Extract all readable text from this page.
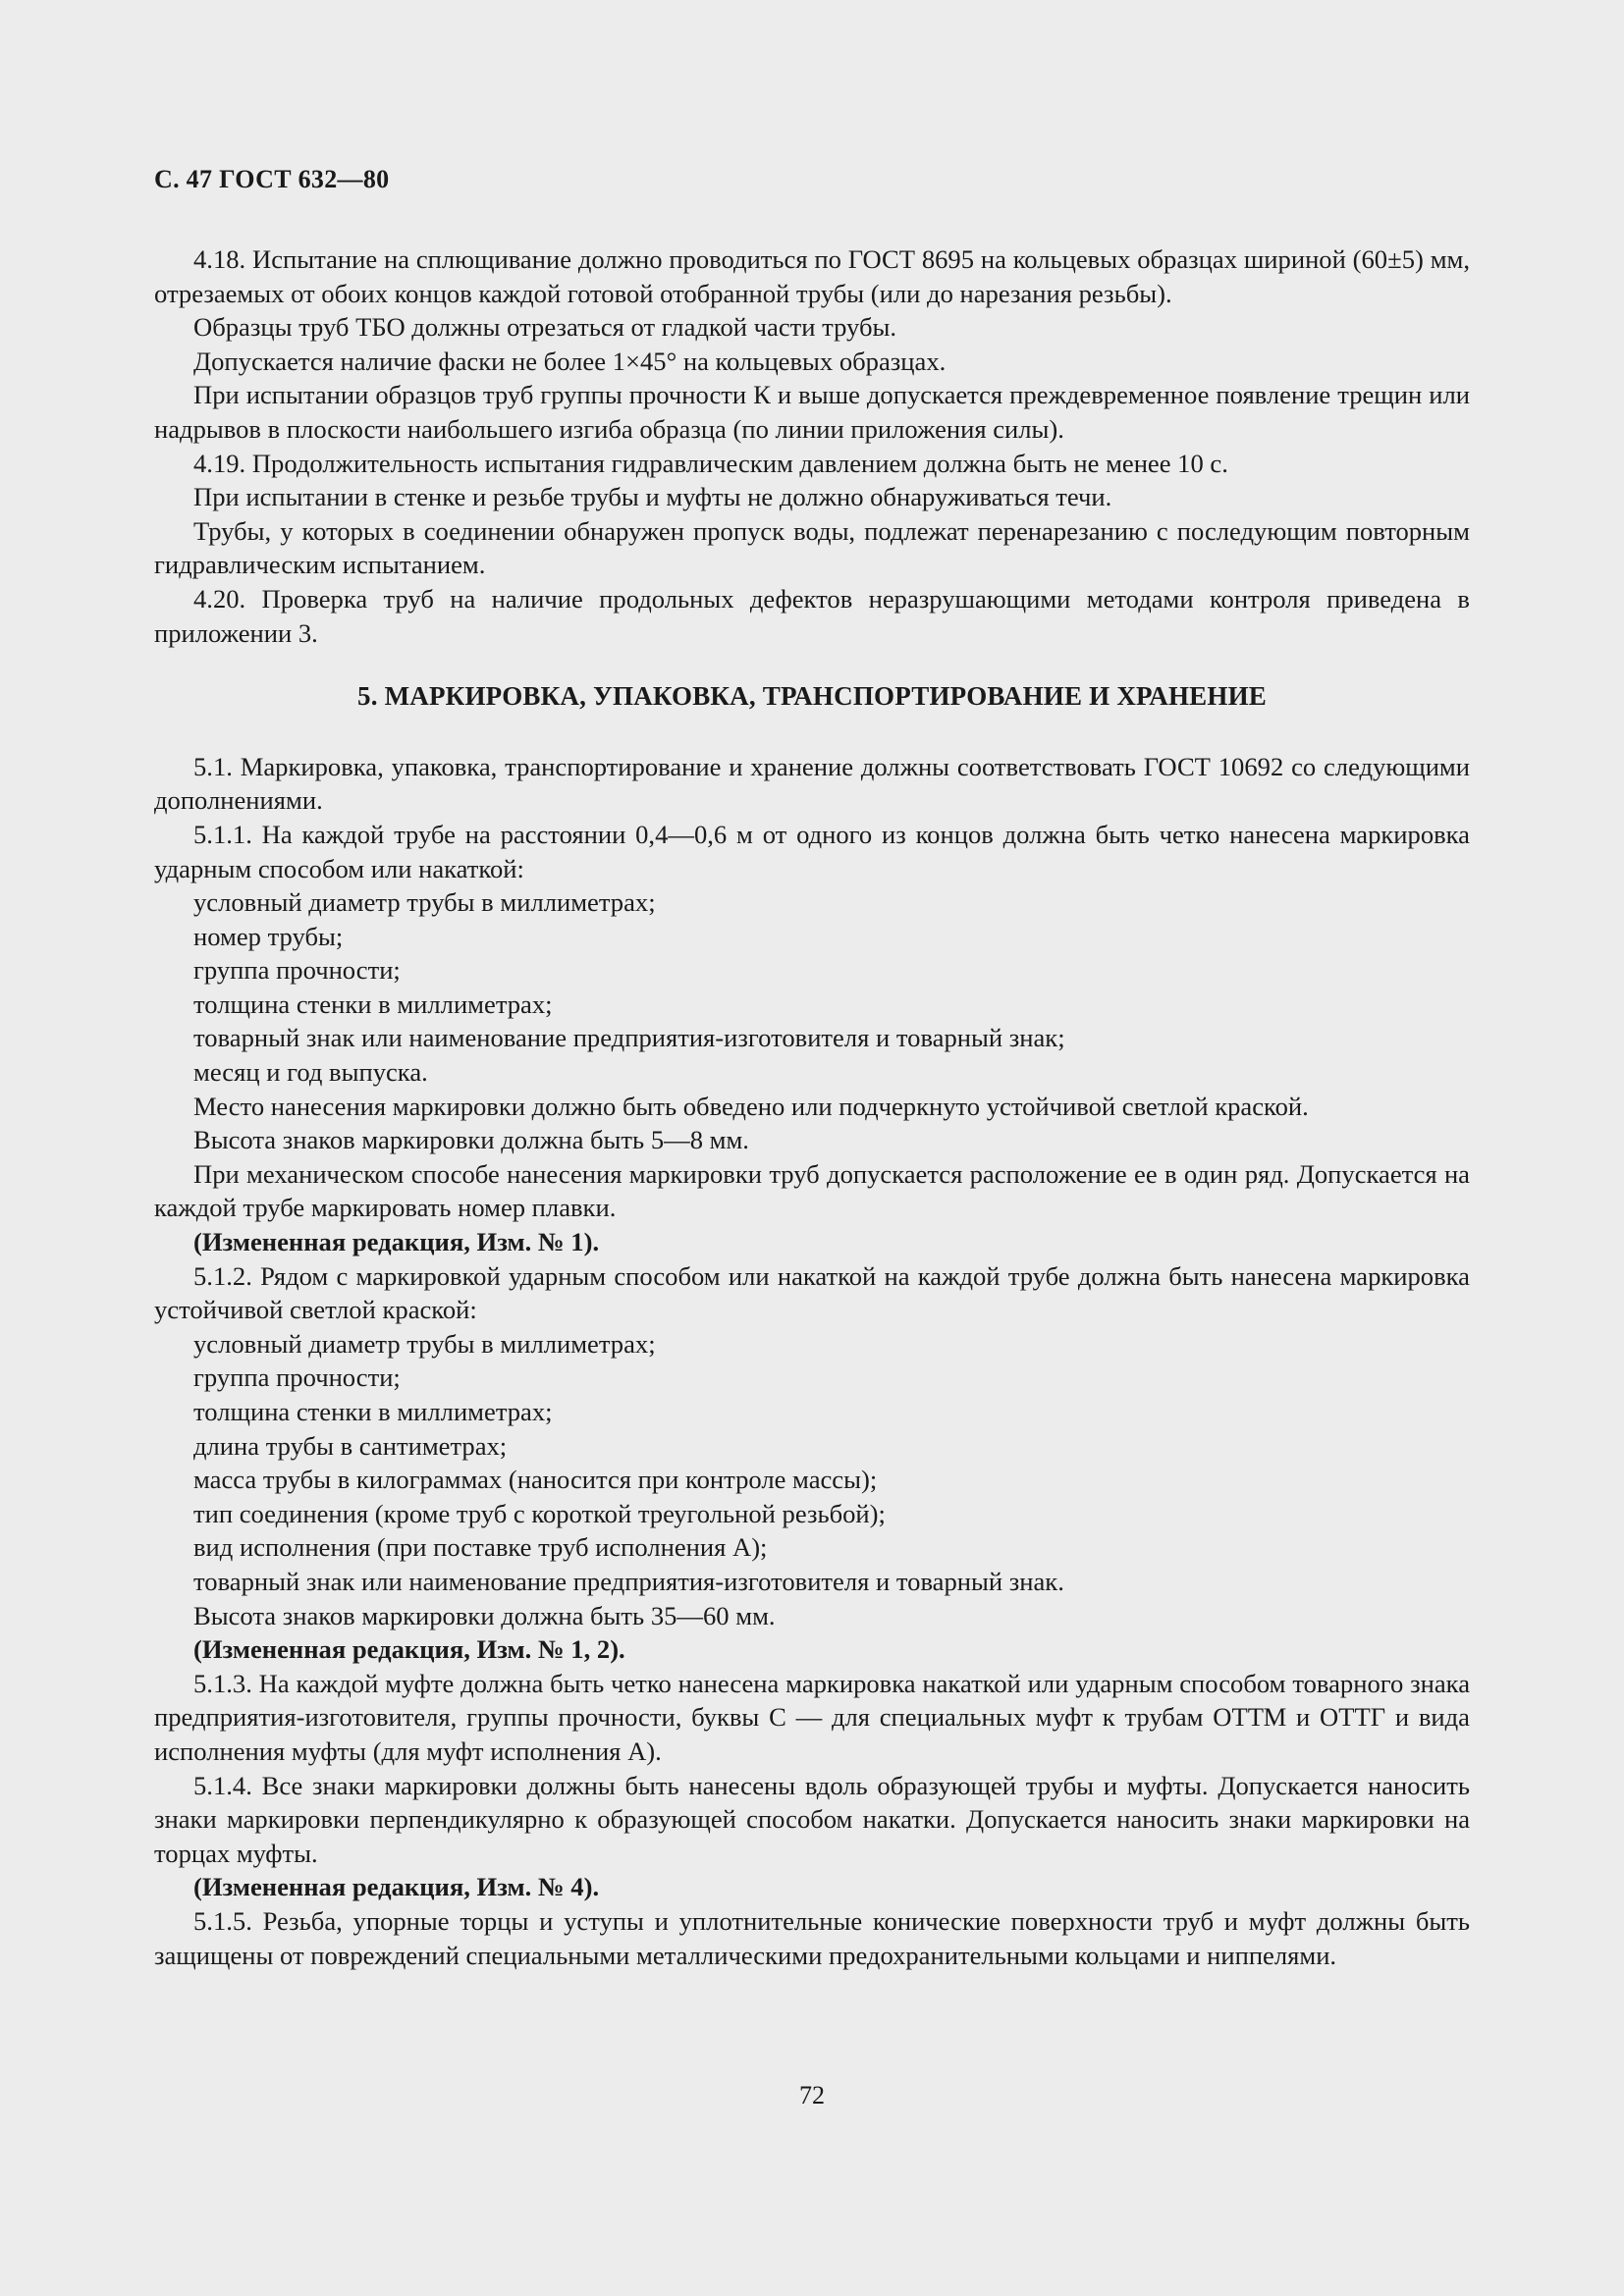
С. 47 ГОСТ 632—80

4.18. Испытание на сплющивание должно проводиться по ГОСТ 8695 на кольцевых образцах шириной (60±5) мм, отрезаемых от обоих концов каждой готовой отобранной трубы (или до нарезания резьбы).

Образцы труб ТБО должны отрезаться от гладкой части трубы.

Допускается наличие фаски не более 1×45° на кольцевых образцах.

При испытании образцов труб группы прочности К и выше допускается преждевременное появление трещин или надрывов в плоскости наибольшего изгиба образца (по линии приложения силы).

4.19. Продолжительность испытания гидравлическим давлением должна быть не менее 10 с.

При испытании в стенке и резьбе трубы и муфты не должно обнаруживаться течи.

Трубы, у которых в соединении обнаружен пропуск воды, подлежат перенарезанию с последующим повторным гидравлическим испытанием.

4.20. Проверка труб на наличие продольных дефектов неразрушающими методами контроля приведена в приложении 3.

5. МАРКИРОВКА, УПАКОВКА, ТРАНСПОРТИРОВАНИЕ И ХРАНЕНИЕ

5.1. Маркировка, упаковка, транспортирование и хранение должны соответствовать ГОСТ 10692 со следующими дополнениями.

5.1.1. На каждой трубе на расстоянии 0,4—0,6 м от одного из концов должна быть четко нанесена маркировка ударным способом или накаткой:

условный диаметр трубы в миллиметрах;

номер трубы;

группа прочности;

толщина стенки в миллиметрах;

товарный знак или наименование предприятия-изготовителя и товарный знак;

месяц и год выпуска.

Место нанесения маркировки должно быть обведено или подчеркнуто устойчивой светлой краской.

Высота знаков маркировки должна быть 5—8 мм.

При механическом способе нанесения маркировки труб допускается расположение ее в один ряд. Допускается на каждой трубе маркировать номер плавки.

(Измененная редакция, Изм. № 1).

5.1.2. Рядом с маркировкой ударным способом или накаткой на каждой трубе должна быть нанесена маркировка устойчивой светлой краской:

условный диаметр трубы в миллиметрах;

группа прочности;

толщина стенки в миллиметрах;

длина трубы в сантиметрах;

масса трубы в килограммах (наносится при контроле массы);

тип соединения (кроме труб с короткой треугольной резьбой);

вид исполнения (при поставке труб исполнения А);

товарный знак или наименование предприятия-изготовителя и товарный знак.

Высота знаков маркировки должна быть 35—60 мм.

(Измененная редакция, Изм. № 1, 2).

5.1.3. На каждой муфте должна быть четко нанесена маркировка накаткой или ударным способом товарного знака предприятия-изготовителя, группы прочности, буквы С — для специальных муфт к трубам ОТТМ и ОТТГ и вида исполнения муфты (для муфт исполнения А).

5.1.4. Все знаки маркировки должны быть нанесены вдоль образующей трубы и муфты. Допускается наносить знаки маркировки перпендикулярно к образующей способом накатки. Допускается наносить знаки маркировки на торцах муфты.

(Измененная редакция, Изм. № 4).

5.1.5. Резьба, упорные торцы и уступы и уплотнительные конические поверхности труб и муфт должны быть защищены от повреждений специальными металлическими предохранительными кольцами и ниппелями.

72
